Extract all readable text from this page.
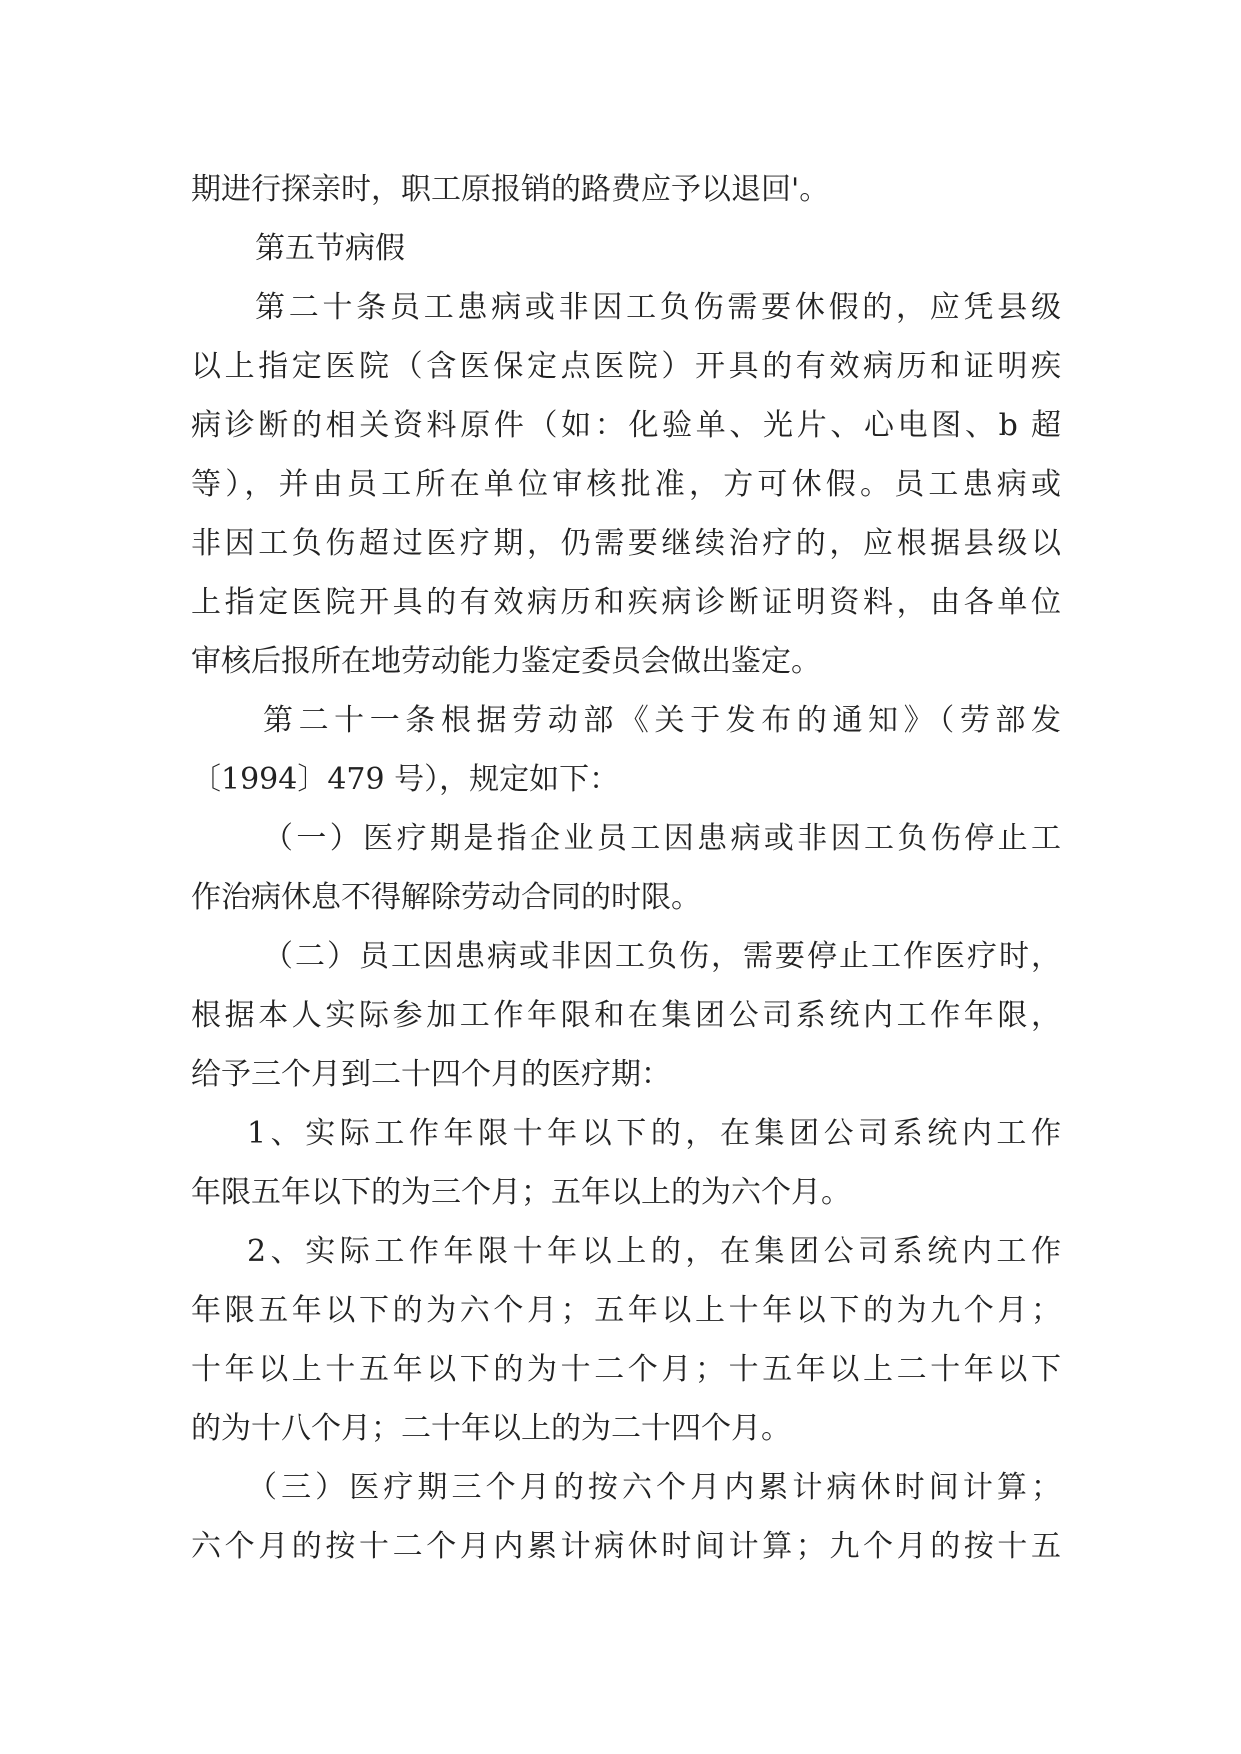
期进行探亲时，职工原报销的路费应予以退回'。
第五节病假
第二十条员工患病或非因工负伤需要休假的，应凭县级
以上指定医院（含医保定点医院）开具的有效病历和证明疾
病诊断的相关资料原件（如：化验单、光片、心电图、b 超
等），并由员工所在单位审核批准，方可休假。员工患病或
非因工负伤超过医疗期，仍需要继续治疗的，应根据县级以
上指定医院开具的有效病历和疾病诊断证明资料，由各单位
审核后报所在地劳动能力鉴定委员会做出鉴定。
第二十一条根据劳动部《关于发布的通知》（劳部发
〔1994〕479 号），规定如下：
（一）医疗期是指企业员工因患病或非因工负伤停止工
作治病休息不得解除劳动合同的时限。
（二）员工因患病或非因工负伤，需要停止工作医疗时，
根据本人实际参加工作年限和在集团公司系统内工作年限，
给予三个月到二十四个月的医疗期：
1、实际工作年限十年以下的，在集团公司系统内工作
年限五年以下的为三个月；五年以上的为六个月。
2、实际工作年限十年以上的，在集团公司系统内工作
年限五年以下的为六个月；五年以上十年以下的为九个月；
十年以上十五年以下的为十二个月；十五年以上二十年以下
的为十八个月；二十年以上的为二十四个月。
（三）医疗期三个月的按六个月内累计病休时间计算；
六个月的按十二个月内累计病休时间计算；九个月的按十五
